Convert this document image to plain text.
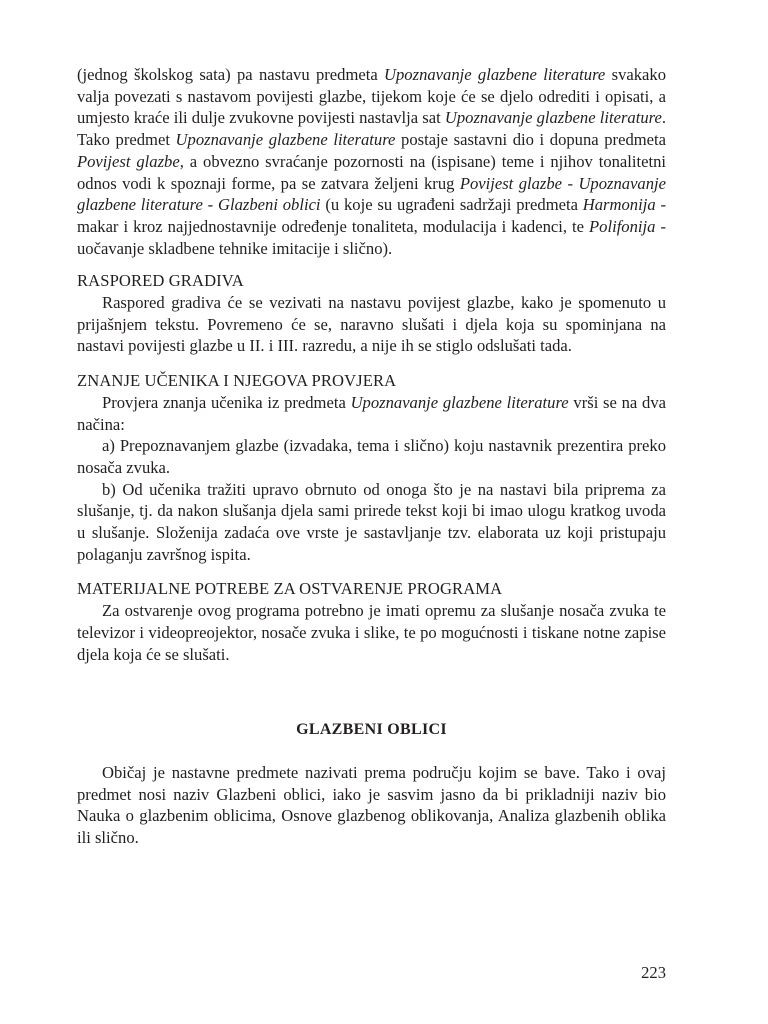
(jednog školskog sata) pa nastavu predmeta Upoznavanje glazbene literature svakako valja povezati s nastavom povijesti glazbe, tijekom koje će se djelo odrediti i opisati, a umjesto kraće ili dulje zvukovne povijesti nastavlja sat Upoznavanje glazbene literature. Tako predmet Upoznavanje glazbene literature postaje sastavni dio i dopuna predmeta Povijest glazbe, a obvezno svraćanje pozornosti na (ispisane) teme i njihov tonalitetni odnos vodi k spoznaji forme, pa se zatvara željeni krug Povijest glazbe - Upoznavanje glazbene literature - Glazbeni oblici (u koje su ugrađeni sadržaji predmeta Harmonija - makar i kroz najjednostavnije određenje tonaliteta, modulacija i kadenci, te Polifonija - uočavanje skladbene tehnike imitacije i slično).

RASPORED GRADIVA

Raspored gradiva će se vezivati na nastavu povijest glazbe, kako je spomenuto u prijašnjem tekstu. Povremeno će se, naravno slušati i djela koja su spominjana na nastavi povijesti glazbe u II. i III. razredu, a nije ih se stiglo odslušati tada.

ZNANJE UČENIKA I NJEGOVA PROVJERA

Provjera znanja učenika iz predmeta Upoznavanje glazbene literature vrši se na dva načina:

a) Prepoznavanjem glazbe (izvadaka, tema i slično) koju nastavnik prezentira preko nosača zvuka.

b) Od učenika tražiti upravo obrnuto od onoga što je na nastavi bila priprema za slušanje, tj. da nakon slušanja djela sami prirede tekst koji bi imao ulogu kratkog uvoda u slušanje. Složenija zadaća ove vrste je sastavljanje tzv. elaborata uz koji pristupaju polaganju završnog ispita.

MATERIJALNE POTREBE ZA OSTVARENJE PROGRAMA

Za ostvarenje ovog programa potrebno je imati opremu za slušanje nosača zvuka te televizor i videopreojektor, nosače zvuka i slike, te po mogućnosti i tiskane notne zapise djela koja će se slušati.

GLAZBENI OBLICI

Običaj je nastavne predmete nazivati prema području kojim se bave. Tako i ovaj predmet nosi naziv Glazbeni oblici, iako je sasvim jasno da bi prikladniji naziv bio Nauka o glazbenim oblicima, Osnove glazbenog oblikovanja, Analiza glazbenih oblika ili slično.

223
